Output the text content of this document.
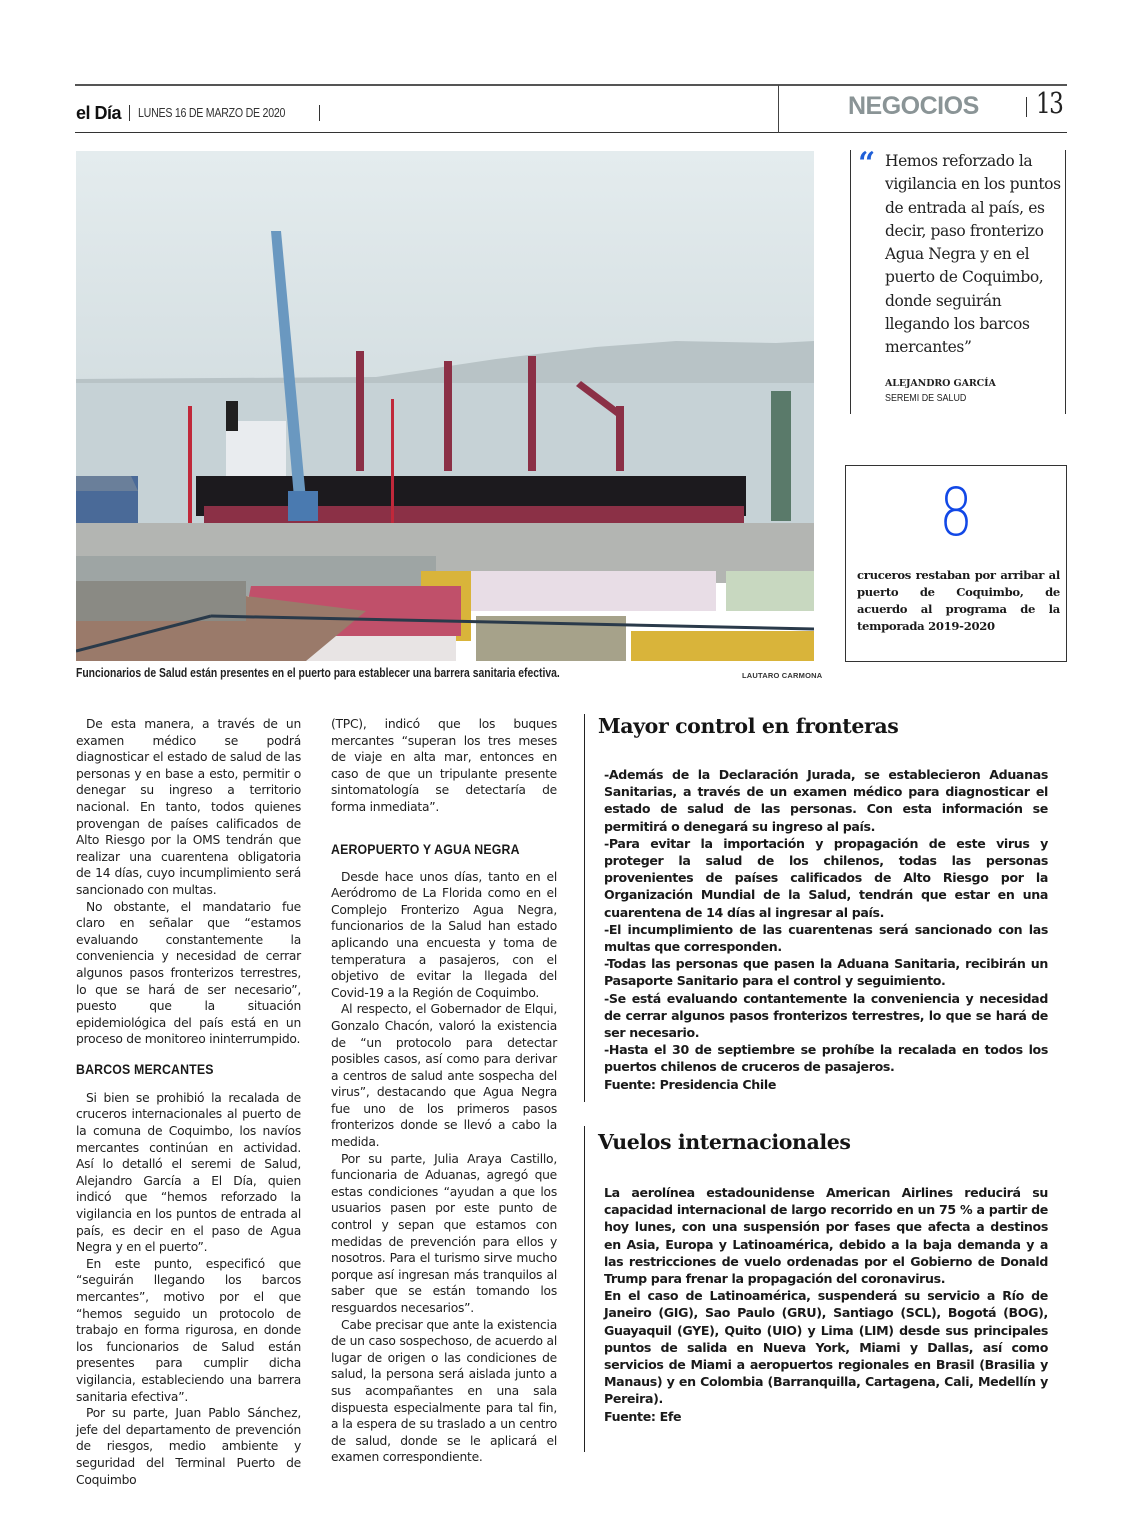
el Día LUNES 16 DE MARZO DE 2020	NEGOCIOS 13
Funcionarios de Salud están presentes en el puerto para establecer una barrera sanitaria efectiva.	LAUTARO CARMONA
“ Hemos reforzado la vigilancia en los puntos de entrada al país, es decir, paso fronterizo Agua Negra y en el puerto de Coquimbo, donde seguirán llegando los barcos mercantes”
ALEJANDRO GARCÍA
SEREMI DE SALUD
8
cruceros restaban por arribar al puerto de Coquimbo, de acuerdo al programa de la temporada 2019-2020

De esta manera, a través de un examen médico se podrá diagnosticar el estado de salud de las personas y en base a esto, permitir o denegar su ingreso a territorio nacional. En tanto, todos quienes provengan de países calificados de Alto Riesgo por la OMS tendrán que realizar una cuarentena obligatoria de 14 días, cuyo incumplimiento será sancionado con multas.

No obstante, el mandatario fue claro en señalar que “estamos evaluando constantemente la conveniencia y necesidad de cerrar algunos pasos fronterizos terrestres, lo que se hará de ser necesario”, puesto que la situación epidemiológica del país está en un proceso de monitoreo ininterrumpido.

BARCOS MERCANTES

Si bien se prohibió la recalada de cruceros internacionales al puerto de la comuna de Coquimbo, los navíos mercantes continúan en actividad. Así lo detalló el seremi de Salud, Alejandro García a El Día, quien indicó que “hemos reforzado la vigilancia en los puntos de entrada al país, es decir en el paso de Agua Negra y en el puerto”.

En este punto, especificó que “seguirán llegando los barcos mercantes”, motivo por el que “hemos seguido un protocolo de trabajo en forma rigurosa, en donde los funcionarios de Salud están presentes para cumplir dicha vigilancia, estableciendo una barrera sanitaria efectiva”.

Por su parte, Juan Pablo Sánchez, jefe del departamento de prevención de riesgos, medio ambiente y seguridad del Terminal Puerto de Coquimbo

(TPC), indicó que los buques mercantes “superan los tres meses de viaje en alta mar, entonces en caso de que un tripulante presente sintomatología se detectaría de forma inmediata”.

AEROPUERTO Y AGUA NEGRA

Desde hace unos días, tanto en el Aeródromo de La Florida como en el Complejo Fronterizo Agua Negra, funcionarios de la Salud han estado aplicando una encuesta y toma de temperatura a pasajeros, con el objetivo de evitar la llegada del Covid-19 a la Región de Coquimbo.

Al respecto, el Gobernador de Elqui, Gonzalo Chacón, valoró la existencia de “un protocolo para detectar posibles casos, así como para derivar a centros de salud ante sospecha del virus”, destacando que Agua Negra fue uno de los primeros pasos fronterizos donde se llevó a cabo la medida.

Por su parte, Julia Araya Castillo, funcionaria de Aduanas, agregó que estas condiciones “ayudan a que los usuarios pasen por este punto de control y sepan que estamos con medidas de prevención para ellos y nosotros. Para el turismo sirve mucho porque así ingresan más tranquilos al saber que se están tomando los resguardos necesarios”.

Cabe precisar que ante la existencia de un caso sospechoso, de acuerdo al lugar de origen o las condiciones de salud, la persona será aislada junto a sus acompañantes en una sala dispuesta especialmente para tal fin, a la espera de su traslado a un centro de salud, donde se le aplicará el examen correspondiente.

Mayor control en fronteras

-Además de la Declaración Jurada, se establecieron Aduanas Sanitarias, a través de un examen médico para diagnosticar el estado de salud de las personas. Con esta información se permitirá o denegará su ingreso al país.

-Para evitar la importación y propagación de este virus y proteger la salud de los chilenos, todas las personas provenientes de países calificados de Alto Riesgo por la Organización Mundial de la Salud, tendrán que estar en una cuarentena de 14 días al ingresar al país.

-El incumplimiento de las cuarentenas será sancionado con las multas que corresponden.

-Todas las personas que pasen la Aduana Sanitaria, recibirán un Pasaporte Sanitario para el control y seguimiento.

-Se está evaluando contantemente la conveniencia y necesidad de cerrar algunos pasos fronterizos terrestres, lo que se hará de ser necesario.

-Hasta el 30 de septiembre se prohíbe la recalada en todos los puertos chilenos de cruceros de pasajeros.

Fuente: Presidencia Chile

Vuelos internacionales

La aerolínea estadounidense American Airlines reducirá su capacidad internacional de largo recorrido en un 75 % a partir de hoy lunes, con una suspensión por fases que afecta a destinos en Asia, Europa y Latinoamérica, debido a la baja demanda y a las restricciones de vuelo ordenadas por el Gobierno de Donald Trump para frenar la propagación del coronavirus.

En el caso de Latinoamérica, suspenderá su servicio a Río de Janeiro (GIG), Sao Paulo (GRU), Santiago (SCL), Bogotá (BOG), Guayaquil (GYE), Quito (UIO) y Lima (LIM) desde sus principales puntos de salida en Nueva York, Miami y Dallas, así como servicios de Miami a aeropuertos regionales en Brasil (Brasilia y Manaus) y en Colombia (Barranquilla, Cartagena, Cali, Medellín y Pereira).

Fuente: Efe
